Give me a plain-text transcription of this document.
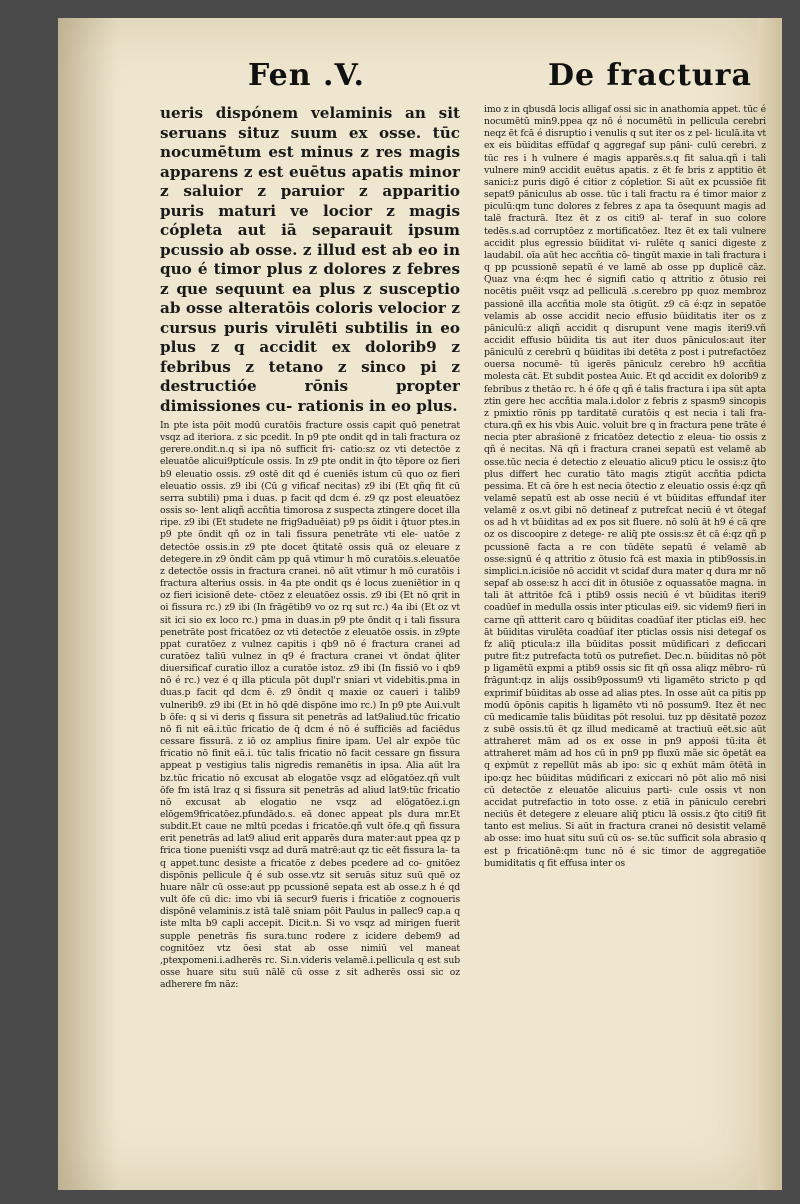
Fen .V.	De fractura

ueris dispónem velaminis an sit seruans situz suum ex osse. tūc nocumētum est minus z res magis apparens z est euētus apatis minor z saluior z paruior z apparitio puris maturi ve locior z magis cópleta aut iā separauit ipsum pcussio ab osse. z illud est ab eo in quo é timor plus z dolores z febres z que sequunt ea plus z susceptio ab osse alteratōis coloris velocior z cursus puris virulēti subtilis in eo plus z q accidit ex dolorib9 z febribus z tetano z sinco pi z destructióe rōnis propter dimissiones cu- rationis in eo plus.

In pte ista pōit modū curatōis fracture ossis capit quō penetrat vsqz ad iteriora. z sic pcedit. In p9 pte ondit qd in tali fractura oz gerere.ondit.n.q si ipa nō sufficit fri- catio:sz oz vti detectōe z eleuatōe alicui9ptícule ossis. In z9 pte ondit in q̄to tēpore oz fieri b9 eleuatio ossis. z9 ostē dit qd é cueniēs istum cū quo oz fieri eleuatio ossis. z9 ibi (Cū g vificaf necitas) z9 ibi (Et qñq fit cū serra subtili) pma i duas. p facit qd dcm é. z9 qz post eleuatōez ossis so- lent aliqñ accñtia timorosa z suspecta ztingere docet illa ripe. z9 ibi (Et studete ne frig9aduēiat) p9 ps ōidit i q̄tuor ptes.in p9 pte ōndit qñ oz in tali fissura penetrāte vti ele- uatōe z detectōe ossis.in z9 pte docet q̄titatē ossis quā oz eleuare z detegere.in z9 ōndit cām pp quā vtimur h mō curatōis.s.eleuatōe z detectōe ossis in fractura cranei. nō aūt vtimur h mō curatōis i fractura alterius ossis. in 4a pte ondit qs é locus zueniētior in q oz fieri icisionē dete- ctōez z eleuatōez ossis. z9 ibi (Et nō qrit in oi fissura rc.) z9 ibi (In frāgētib9 vo oz rq sut rc.) 4a ibi (Et oz vt sit ici sio ex loco rc.) pma in duas.in p9 pte ōndit q i tali fissura penetrāte post fricatōez oz vti detectōe z eleuatōe ossis. in z9pte ppat curatōez z vulnez capitis i qb9 nō é fractura cranei ad curatōez taliū vulnez in q9 é fractura cranei vt ōndat q̄liter diuersificaf curatio illoz a curatōe istoz. z9 ibi (In fissiō vo i qb9 nō é rc.) vez é q illa pticula pōt dupl'r sniari vt videbitis.pma in duas.p facit qd dcm ē. z9 ōndit q maxie oz caueri i talib9 vulnerib9. z9 ibi (Et in hō qdē dispōne imo rc.) In p9 pte Aui.vult b ōfe: q si vi deris q fissura sit penetrās ad lat9aliud.tūc fricatio nō fi nit eā.i.tūc fricatio de q̄ dcm é nō é sufficiēs ad faciēdus cessare fissurā. z iō oz amplius finire ipam. Uel alr expōe tūc fricatio nō finit eā.i. tūc talis fricatio nō facit cessare gn fissura appeat p vestigius talis nigredis remanētis in ipsa. Alia aūt lra bz.tūc fricatio nō excusat ab elogatōe vsqz ad elōgatōez.qñ vult ōfe fm istā lraz q si fissura sit penetrās ad aliud lat9:tūc fricatio nō excusat ab elogatio ne vsqz ad elōgatōez.i.gn elōgem9fricatōez.pfundādo.s. eā donec appeat pls dura mr.Et subdit.Et caue ne mltū pcedas i fricatōe.qñ vult ōfe.q qñ fissura erit penetrās ad lat9 aliud erit apparēs dura mater:aut ppea qz p frica tione pueniśti vsqz ad durā matrē:aut qz tic eēt fissura la- ta q appet.tunc desiste a fricatōe z debes pcedere ad co- gnitōez dispōnis pellicule q̄ é sub osse.vtz sit seruās situz suū quē oz huare nālr cū osse:aut pp pcussionē sepata est ab osse.z h é qd vult ōfe cū dic: imo vbi iā secur9 fueris i fricatiōe z cognoueris dispōnē velaminis.z istā talē sniam pōit Paulus in pallec9 cap.a q iste mlta b9 capli accepit. Dicit.n. Si vo vsqz ad mirigen fuerit supple penetrās fis sura.tunc rodere z icidere debem9 ad cognitōez vtz ōesi stat ab osse nimiū vel maneat ,ptexpomeni.i.adherēs rc. Si.n.videris velamē.i.pellicula q est sub osse huare situ suū nālē cū osse z sit adherēs ossi sic oz adherere fm nāz:

imo z in qbusdā locis alligaf ossi sic in anathomia appet. tūc é nocumētū min9.ppea qz nō é nocumētū in pellicula cerebri neqz ēt fcā é disruptio i venulis q sut iter os z pel- liculā.ita vt ex eis būiditas effūdaf q aggregaf sup pāni- culū cerebri. z tūc res i h vulnere é magis apparēs.s.q fit salua.qñ i tali vulnere min9 accidit euētus apatis. z ēt fe bris z apptitio ēt sanici:z puris digō é citior z cópletior. Si aūt ex pcussiōe fit sepat9 pāniculus ab osse. tūc i tali fractu ra é timor maior z piculū:qm tunc dolores z febres z apa ta ōsequunt magis ad talē fracturā. Itez ēt z os citi9 al- teraf in suo colore tedēs.s.ad corruptōez z mortificatōez. Itez ēt ex tali vulnere accidit plus egressio būiditat vi- rulēte q sanici digeste z laudabil. oīa aūt hec accñtia cō- tingūt maxie in tali fractura i q pp pcussionē sepatū é ve lamē ab osse pp duplicē cāz. Quaz vna é:qm hec é signifi catio q attritio z ōtusio rei nocētis puēit vsqz ad pelliculā .s.cerebro pp quoz membroz passionē illa accñtia mole sta ōtigūt. z9 cā é:qz in sepatōe velamis ab osse accidit necio effusio būiditatis iter os z pāniculū:z aliqñ accidit q disrupunt vene magis iteri9.vñ accidit effusio būidita tis aut iter duos pāniculos:aut iter pāniculū z cerebrū q būiditas ibi detēta z post i putrefactōez ouersa nocumē- tū igerēs pāniculz cerebro h9 accñtia molesta cāt. Et subdit postea Auic. Et qd accidit ex dolorib9 z febribus z thetāo rc. h é ōfe q qñ é talis fractura i ipa sūt apta ztin gere hec accñtia mala.i.dolor z febris z spasm9 sincopis z pmixtio rōnis pp tarditatē curatōis q est necia i tali fra- ctura.qñ ex his vbis Auic. voluit bre q in fractura pene trāte é necia pter abraśionē z fricatōez detectio z eleua- tio ossis z qñ é necitas. Nā qñ i fractura cranei sepatū est velamē ab osse.tūc necia é detectio z eleuatio alicu9 pticu le ossis:z q̄to plus differt hec curatio tāto magis ztigūt accñtia pdicta pessima. Et cā ōre h est necia ōtectio z eleuatio ossis é:qz qñ velamē sepatū est ab osse neciū é vt būiditas effundaf iter velamē z os.vt gibi nō detineaf z putrefcat neciū é vt ōtegaf os ad h vt būiditas ad ex pos sit fluere. nō solū āt h9 é cā qre oz os discoopire z detege- re aliq̄ pte ossis:sz ēt cā é:qz qñ p pcussionē facta a re con tūdēte sepatū é velamē ab osse:signū é q attritio z ōtusio fcā est maxia in ptib9ossis.in simplici.n.icisiōe nō accidit vt scidaf dura mater q dura mr nō sepaf ab osse:sz h acci dit in ōtusiōe z oquassatōe magna. in tali āt attritōe fcā i ptib9 ossis neciū é vt būiditas iteri9 coadūef in medulla ossis inter pticulas ei9. sic videm9 fieri in carne qñ attterit caro q būiditas coadūaf iter pticlas ei9. hec āt būiditas virulēta coadūaf iter pticlas ossis nisi detegaf os fz aliq̄ pticula:z illa būiditas possit mūdificari z deficcari putre fit:z putrefacta totū os putrefiet. Dec.n. būiditas nō pōt p ligamētū expmi a ptib9 ossis sic fit qñ ossa aliqz mēbro- rū frāgunt:qz in alijs ossib9possum9 vti ligamēto stricto p qd exprimif būiditas ab osse ad alias ptes. In osse aūt ca pitis pp modū ōpōnis capitis h ligamēto vti nō possum9. Itez ēt nec cū medicamīe talis būiditas pōt resolui. tuz pp dēsitatē pozoz z subē ossis.tū ēt qz illud medicamē at tractiuū eēt.sic aūt attraheret mām ad os ex osse in pn9 appoṡi tū:ita ēt attraheret mām ad hos cū in pn9 pp fluxū mãe sic ōpetāt ea q exṗmūt z repellūt mās ab ipo: sic q exhūt mām ōtētā in ipo:qz hec būiditas mūdificari z exiccari nō pōt alio mō nisi cū detectōe z eleuatōe alicuius parti- cule ossis vt non accidat putrefactio in toto osse. z etiā in pāniculo cerebri neciūs ēt detegere z eleuare aliq̄ pticu lā ossis.z q̄to citi9 fit tanto est melius. Si aūt in fractura cranei nō desistit velamē ab osse: imo huat situ suū cū os- se.tūc sufficit sola abrasio q est p fricatiōnē:qm tunc nō é sic timor de aggregatiōe bumiditatis q fit effusa inter os
